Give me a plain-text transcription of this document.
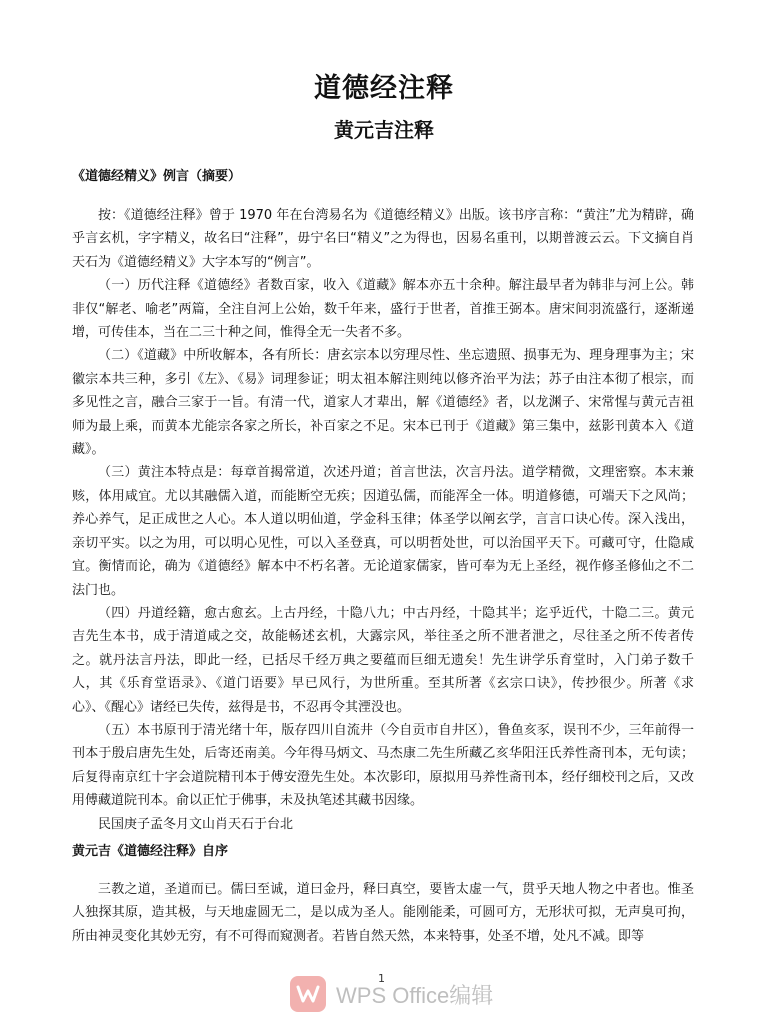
道德经注释
黄元吉注释
《道德经精义》例言（摘要）

按：《道德经注释》曾于 1970 年在台湾易名为《道德经精义》出版。该书序言称：“黄注”尤为精辟，确乎言玄机，字字精义，故名曰“注释”，毋宁名曰“精义”之为得也，因易名重刊，以期普渡云云。下文摘自肖天石为《道德经精义》大字本写的“例言”。

（一）历代注释《道德经》者数百家，收入《道藏》解本亦五十余种。解注最早者为韩非与河上公。韩非仅“解老、喻老”两篇，全注自河上公始，数千年来，盛行于世者，首推王弼本。唐宋间羽流盛行，逐渐递增，可传佳本，当在二三十种之间，惟得全无一失者不多。

（二）《道藏》中所收解本，各有所长：唐玄宗本以穷理尽性、坐忘遗照、损事无为、理身理事为主；宋徽宗本共三种，多引《左》、《易》词理参证；明太祖本解注则纯以修齐治平为法；苏子由注本彻了根宗，而多见性之言，融合三家于一旨。有清一代，道家人才辈出，解《道德经》者，以龙渊子、宋常惺与黄元吉祖师为最上乘，而黄本尤能宗各家之所长，补百家之不足。宋本已刊于《道藏》第三集中，兹影刊黄本入《道藏》。

（三）黄注本特点是：每章首揭常道，次述丹道；首言世法，次言丹法。道学精微，文理密察。本末兼赅，体用咸宜。尤以其融儒入道，而能断空无疾；因道弘儒，而能浑全一体。明道修德，可端天下之风尚；养心养气，足正成世之人心。本人道以明仙道，学金科玉律；体圣学以阐玄学，言言口诀心传。深入浅出，亲切平实。以之为用，可以明心见性，可以入圣登真，可以明哲处世，可以治国平天下。可藏可守，仕隐咸宜。衡情而论，确为《道德经》解本中不朽名著。无论道家儒家，皆可奉为无上圣经，视作修圣修仙之不二法门也。

（四）丹道经籍，愈古愈玄。上古丹经，十隐八九；中古丹经，十隐其半；迄乎近代，十隐二三。黄元吉先生本书，成于清道咸之交，故能畅述玄机，大露宗风，举往圣之所不泄者泄之，尽往圣之所不传者传之。就丹法言丹法，即此一经，已括尽千经万典之要蕴而巨细无遗矣！先生讲学乐育堂时，入门弟子数千人，其《乐育堂语录》、《道门语要》早已风行，为世所重。至其所著《玄宗口诀》，传抄很少。所著《求心》、《醒心》诸经已失传，兹得是书，不忍再令其湮没也。

（五）本书原刊于清光绪十年，版存四川自流井（今自贡市自井区），鲁鱼亥豕，误刊不少，三年前得一刊本于殷启唐先生处，后寄还南美。今年得马炳文、马杰康二先生所藏乙亥华阳汪氏养性斋刊本，无句读；后复得南京红十字会道院精刊本于傅安澄先生处。本次影印，原拟用马养性斋刊本，经仔细校刊之后，又改用傅藏道院刊本。俞以正忙于佛事，未及执笔述其藏书因缘。

民国庚子孟冬月文山肖天石于台北

黄元吉《道德经注释》自序

三教之道，圣道而已。儒曰至诚，道曰金丹，释曰真空，要皆太虚一气，贯乎天地人物之中者也。惟圣人独探其原，造其极，与天地虚圆无二，是以成为圣人。能刚能柔，可圆可方，无形状可拟，无声臭可拘，所由神灵变化其妙无穷，有不可得而窥测者。若皆自然天然，本来特事，处圣不增，处凡不减。即等

1
WPS Office编辑
